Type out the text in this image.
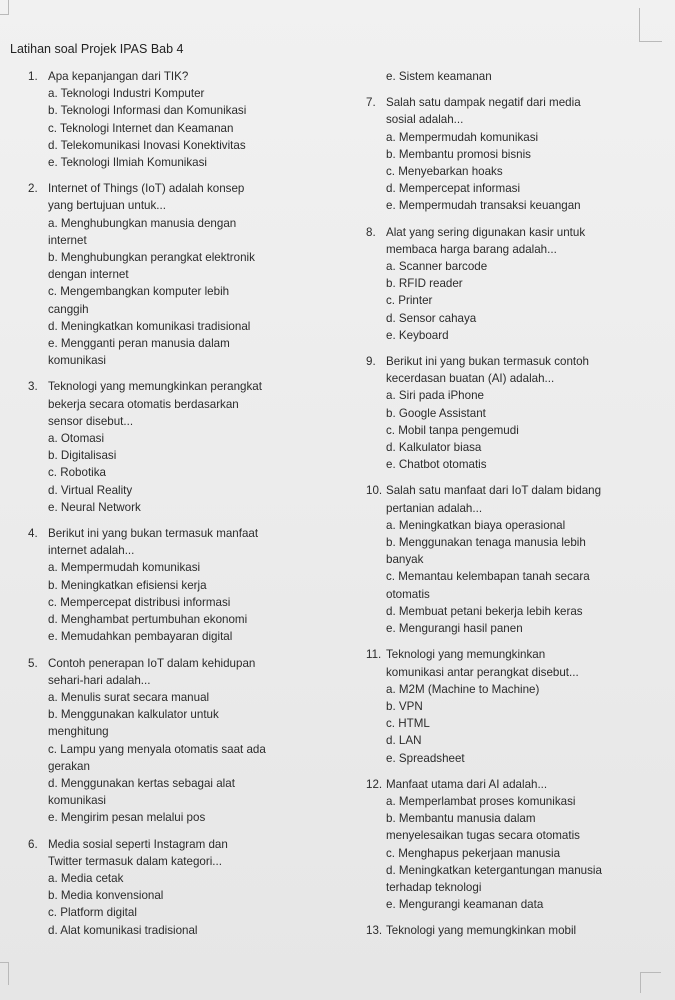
Latihan soal Projek IPAS Bab 4
1. Apa kepanjangan dari TIK?
a. Teknologi Industri Komputer
b. Teknologi Informasi dan Komunikasi
c. Teknologi Internet dan Keamanan
d. Telekomunikasi Inovasi Konektivitas
e. Teknologi Ilmiah Komunikasi
2. Internet of Things (IoT) adalah konsep
yang bertujuan untuk...
a. Menghubungkan manusia dengan
internet
b. Menghubungkan perangkat elektronik
dengan internet
c. Mengembangkan komputer lebih
canggih
d. Meningkatkan komunikasi tradisional
e. Mengganti peran manusia dalam
komunikasi
3. Teknologi yang memungkinkan perangkat
bekerja secara otomatis berdasarkan
sensor disebut...
a. Otomasi
b. Digitalisasi
c. Robotika
d. Virtual Reality
e. Neural Network
4. Berikut ini yang bukan termasuk manfaat
internet adalah...
a. Mempermudah komunikasi
b. Meningkatkan efisiensi kerja
c. Mempercepat distribusi informasi
d. Menghambat pertumbuhan ekonomi
e. Memudahkan pembayaran digital
5. Contoh penerapan IoT dalam kehidupan
sehari-hari adalah...
a. Menulis surat secara manual
b. Menggunakan kalkulator untuk
menghitung
c. Lampu yang menyala otomatis saat ada
gerakan
d. Menggunakan kertas sebagai alat
komunikasi
e. Mengirim pesan melalui pos
6. Media sosial seperti Instagram dan
Twitter termasuk dalam kategori...
a. Media cetak
b. Media konvensional
c. Platform digital
d. Alat komunikasi tradisional
e. Sistem keamanan
7. Salah satu dampak negatif dari media
sosial adalah...
a. Mempermudah komunikasi
b. Membantu promosi bisnis
c. Menyebarkan hoaks
d. Mempercepat informasi
e. Mempermudah transaksi keuangan
8. Alat yang sering digunakan kasir untuk
membaca harga barang adalah...
a. Scanner barcode
b. RFID reader
c. Printer
d. Sensor cahaya
e. Keyboard
9. Berikut ini yang bukan termasuk contoh
kecerdasan buatan (AI) adalah...
a. Siri pada iPhone
b. Google Assistant
c. Mobil tanpa pengemudi
d. Kalkulator biasa
e. Chatbot otomatis
10. Salah satu manfaat dari IoT dalam bidang
pertanian adalah...
a. Meningkatkan biaya operasional
b. Menggunakan tenaga manusia lebih
banyak
c. Memantau kelembapan tanah secara
otomatis
d. Membuat petani bekerja lebih keras
e. Mengurangi hasil panen
11. Teknologi yang memungkinkan
komunikasi antar perangkat disebut...
a. M2M (Machine to Machine)
b. VPN
c. HTML
d. LAN
e. Spreadsheet
12. Manfaat utama dari AI adalah...
a. Memperlambat proses komunikasi
b. Membantu manusia dalam
menyelesaikan tugas secara otomatis
c. Menghapus pekerjaan manusia
d. Meningkatkan ketergantungan manusia
terhadap teknologi
e. Mengurangi keamanan data
13. Teknologi yang memungkinkan mobil
